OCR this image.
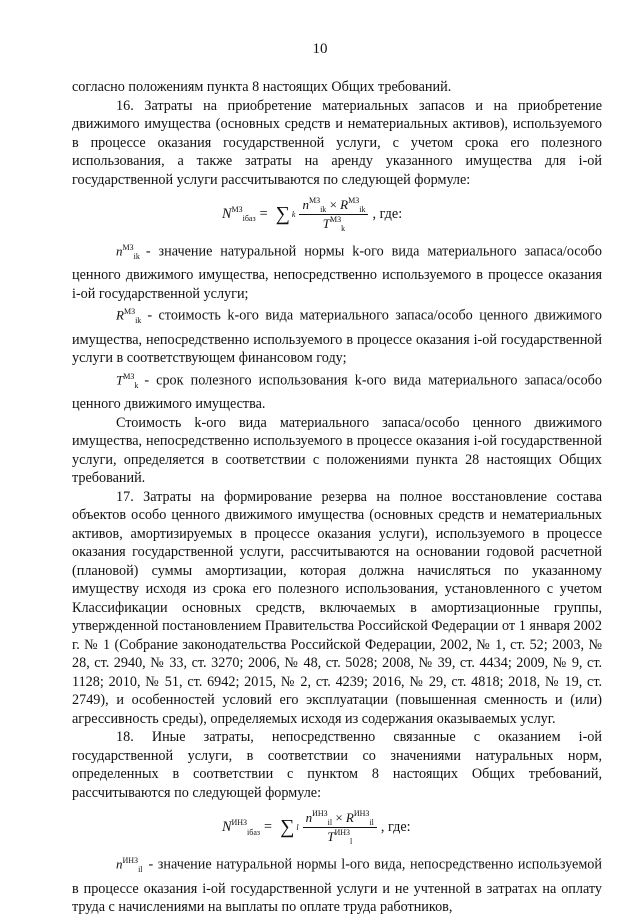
10

согласно положениям пункта 8 настоящих Общих требований.

16. Затраты на приобретение материальных запасов и на приобретение движимого имущества (основных средств и нематериальных активов), используемого в процессе оказания государственной услуги, с учетом срока его полезного использования, а также затраты на аренду указанного имущества для i-ой государственной услуги рассчитываются по следующей формуле:

$N^{МЗ}_{iбаз}$ = ∑ k $\frac{n^{МЗ}_{ik} \times R^{МЗ}_{ik}}{T^{МЗ}_k}$ , где:

$n^{МЗ}_{ik}$ - значение натуральной нормы k-ого вида материального запаса/особо ценного движимого имущества, непосредственно используемого в процессе оказания i-ой государственной услуги;

$R^{МЗ}_{ik}$ - стоимость k-ого вида материального запаса/особо ценного движимого имущества, непосредственно используемого в процессе оказания i-ой государственной услуги в соответствующем финансовом году;

$T^{МЗ}_k$ - срок полезного использования k-ого вида материального запаса/особо ценного движимого имущества.

Стоимость k-ого вида материального запаса/особо ценного движимого имущества, непосредственно используемого в процессе оказания i-ой государственной услуги, определяется в соответствии с положениями пункта 28 настоящих Общих требований.

17. Затраты на формирование резерва на полное восстановление состава объектов особо ценного движимого имущества (основных средств и нематериальных активов, амортизируемых в процессе оказания услуги), используемого в процессе оказания государственной услуги, рассчитываются на основании годовой расчетной (плановой) суммы амортизации, которая должна начисляться по указанному имуществу исходя из срока его полезного использования, установленного с учетом Классификации основных средств, включаемых в амортизационные группы, утвержденной постановлением Правительства Российской Федерации от 1 января 2002 г. № 1 (Собрание законодательства Российской Федерации, 2002, № 1, ст. 52; 2003, № 28, ст. 2940, № 33, ст. 3270; 2006, № 48, ст. 5028; 2008, № 39, ст. 4434; 2009, № 9, ст. 1128; 2010, № 51, ст. 6942; 2015, № 2, ст. 4239; 2016, № 29, ст. 4818; 2018, № 19, ст. 2749), и особенностей условий его эксплуатации (повышенная сменность и (или) агрессивность среды), определяемых исходя из содержания оказываемых услуг.

18. Иные затраты, непосредственно связанные с оказанием i-ой государственной услуги, в соответствии со значениями натуральных норм, определенных в соответствии с пунктом 8 настоящих Общих требований, рассчитываются по следующей формуле:

$N^{ИНЗ}_{iбаз}$ = ∑ l $\frac{n^{ИНЗ}_{il} \times R^{ИНЗ}_{il}}{T^{ИНЗ}_l}$ , где:

$n^{ИНЗ}_{il}$ - значение натуральной нормы l-ого вида, непосредственно используемой в процессе оказания i-ой государственной услуги и не учтенной в затратах на оплату труда с начислениями на выплаты по оплате труда работников,
